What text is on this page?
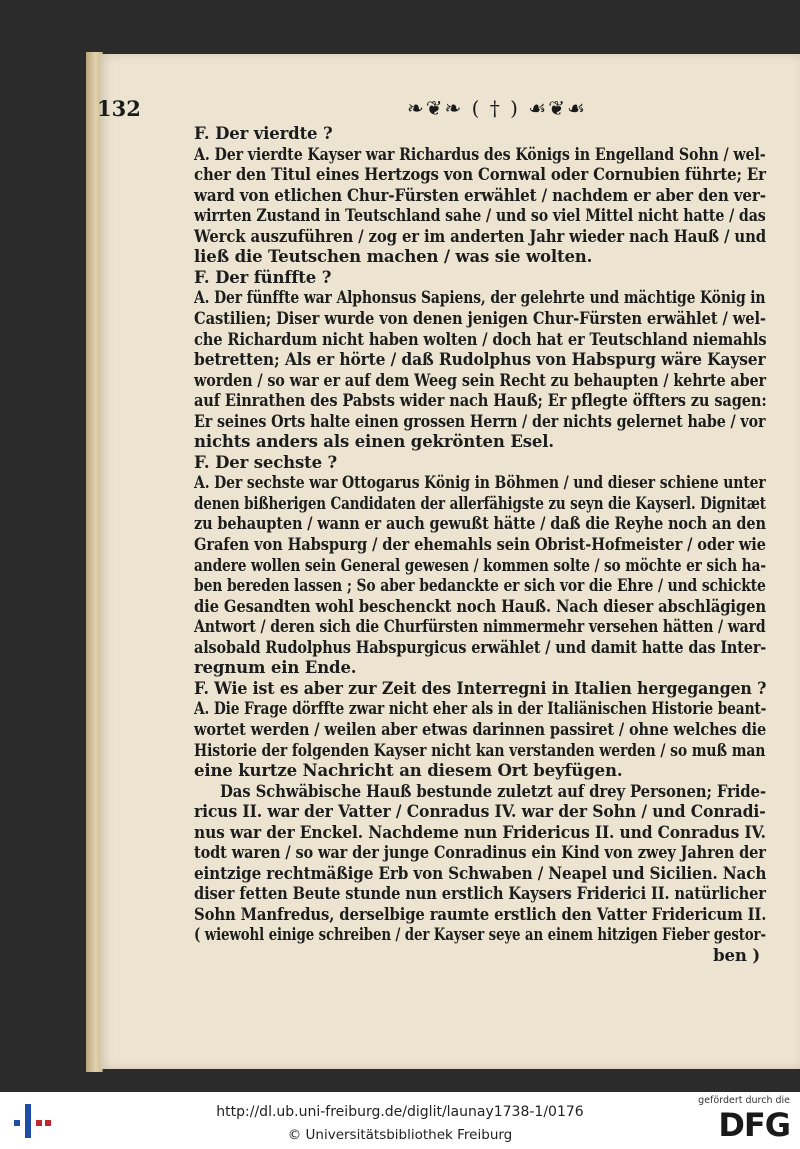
132	❧❦❧ ( † ) ☙❦☙
F. Der vierdte ?
A. Der vierdte Kayser war Richardus des Königs in Engelland Sohn / wel-
cher den Titul eines Hertzogs von Cornwal oder Cornubien führte; Er
ward von etlichen Chur-Fürsten erwählet / nachdem er aber den ver-
wirrten Zustand in Teutschland sahe / und so viel Mittel nicht hatte / das
Werck auszuführen / zog er im anderten Jahr wieder nach Hauß / und
ließ die Teutschen machen / was sie wolten.
F. Der fünffte ?
A. Der fünffte war Alphonsus Sapiens, der gelehrte und mächtige König in
Castilien; Diser wurde von denen jenigen Chur-Fürsten erwählet / wel-
che Richardum nicht haben wolten / doch hat er Teutschland niemahls
betretten; Als er hörte / daß Rudolphus von Habspurg wäre Kayser
worden / so war er auf dem Weeg sein Recht zu behaupten / kehrte aber
auf Einrathen des Pabsts wider nach Hauß; Er pflegte öffters zu sagen:
Er seines Orts halte einen grossen Herrn / der nichts gelernet habe / vor
nichts anders als einen gekrönten Esel.
F. Der sechste ?
A. Der sechste war Ottogarus König in Böhmen / und dieser schiene unter
denen bißherigen Candidaten der allerfähigste zu seyn die Kayserl. Dignitæt
zu behaupten / wann er auch gewußt hätte / daß die Reyhe noch an den
Grafen von Habspurg / der ehemahls sein Obrist-Hofmeister / oder wie
andere wollen sein General gewesen / kommen solte / so möchte er sich ha-
ben bereden lassen ; So aber bedanckte er sich vor die Ehre / und schickte
die Gesandten wohl beschenckt noch Hauß. Nach dieser abschlägigen
Antwort / deren sich die Churfürsten nimmermehr versehen hätten / ward
alsobald Rudolphus Habspurgicus erwählet / und damit hatte das Inter-
regnum ein Ende.
F. Wie ist es aber zur Zeit des Interregni in Italien hergegangen ?
A. Die Frage dörffte zwar nicht eher als in der Italiänischen Historie beant-
wortet werden / weilen aber etwas darinnen passiret / ohne welches die
Historie der folgenden Kayser nicht kan verstanden werden / so muß man
eine kurtze Nachricht an diesem Ort beyfügen.
Das Schwäbische Hauß bestunde zuletzt auf drey Personen; Fride-
ricus II. war der Vatter / Conradus IV. war der Sohn / und Conradi-
nus war der Enckel. Nachdeme nun Fridericus II. und Conradus IV.
todt waren / so war der junge Conradinus ein Kind von zwey Jahren der
eintzige rechtmäßige Erb von Schwaben / Neapel und Sicilien. Nach
diser fetten Beute stunde nun erstlich Kaysers Friderici II. natürlicher
Sohn Manfredus, derselbige raumte erstlich den Vatter Fridericum II.
( wiewohl einige schreiben / der Kayser seye an einem hitzigen Fieber gestor-
ben )
http://dl.ub.uni-freiburg.de/diglit/launay1738-1/0176
© Universitätsbibliothek Freiburg
gefördert durch die
DFG
